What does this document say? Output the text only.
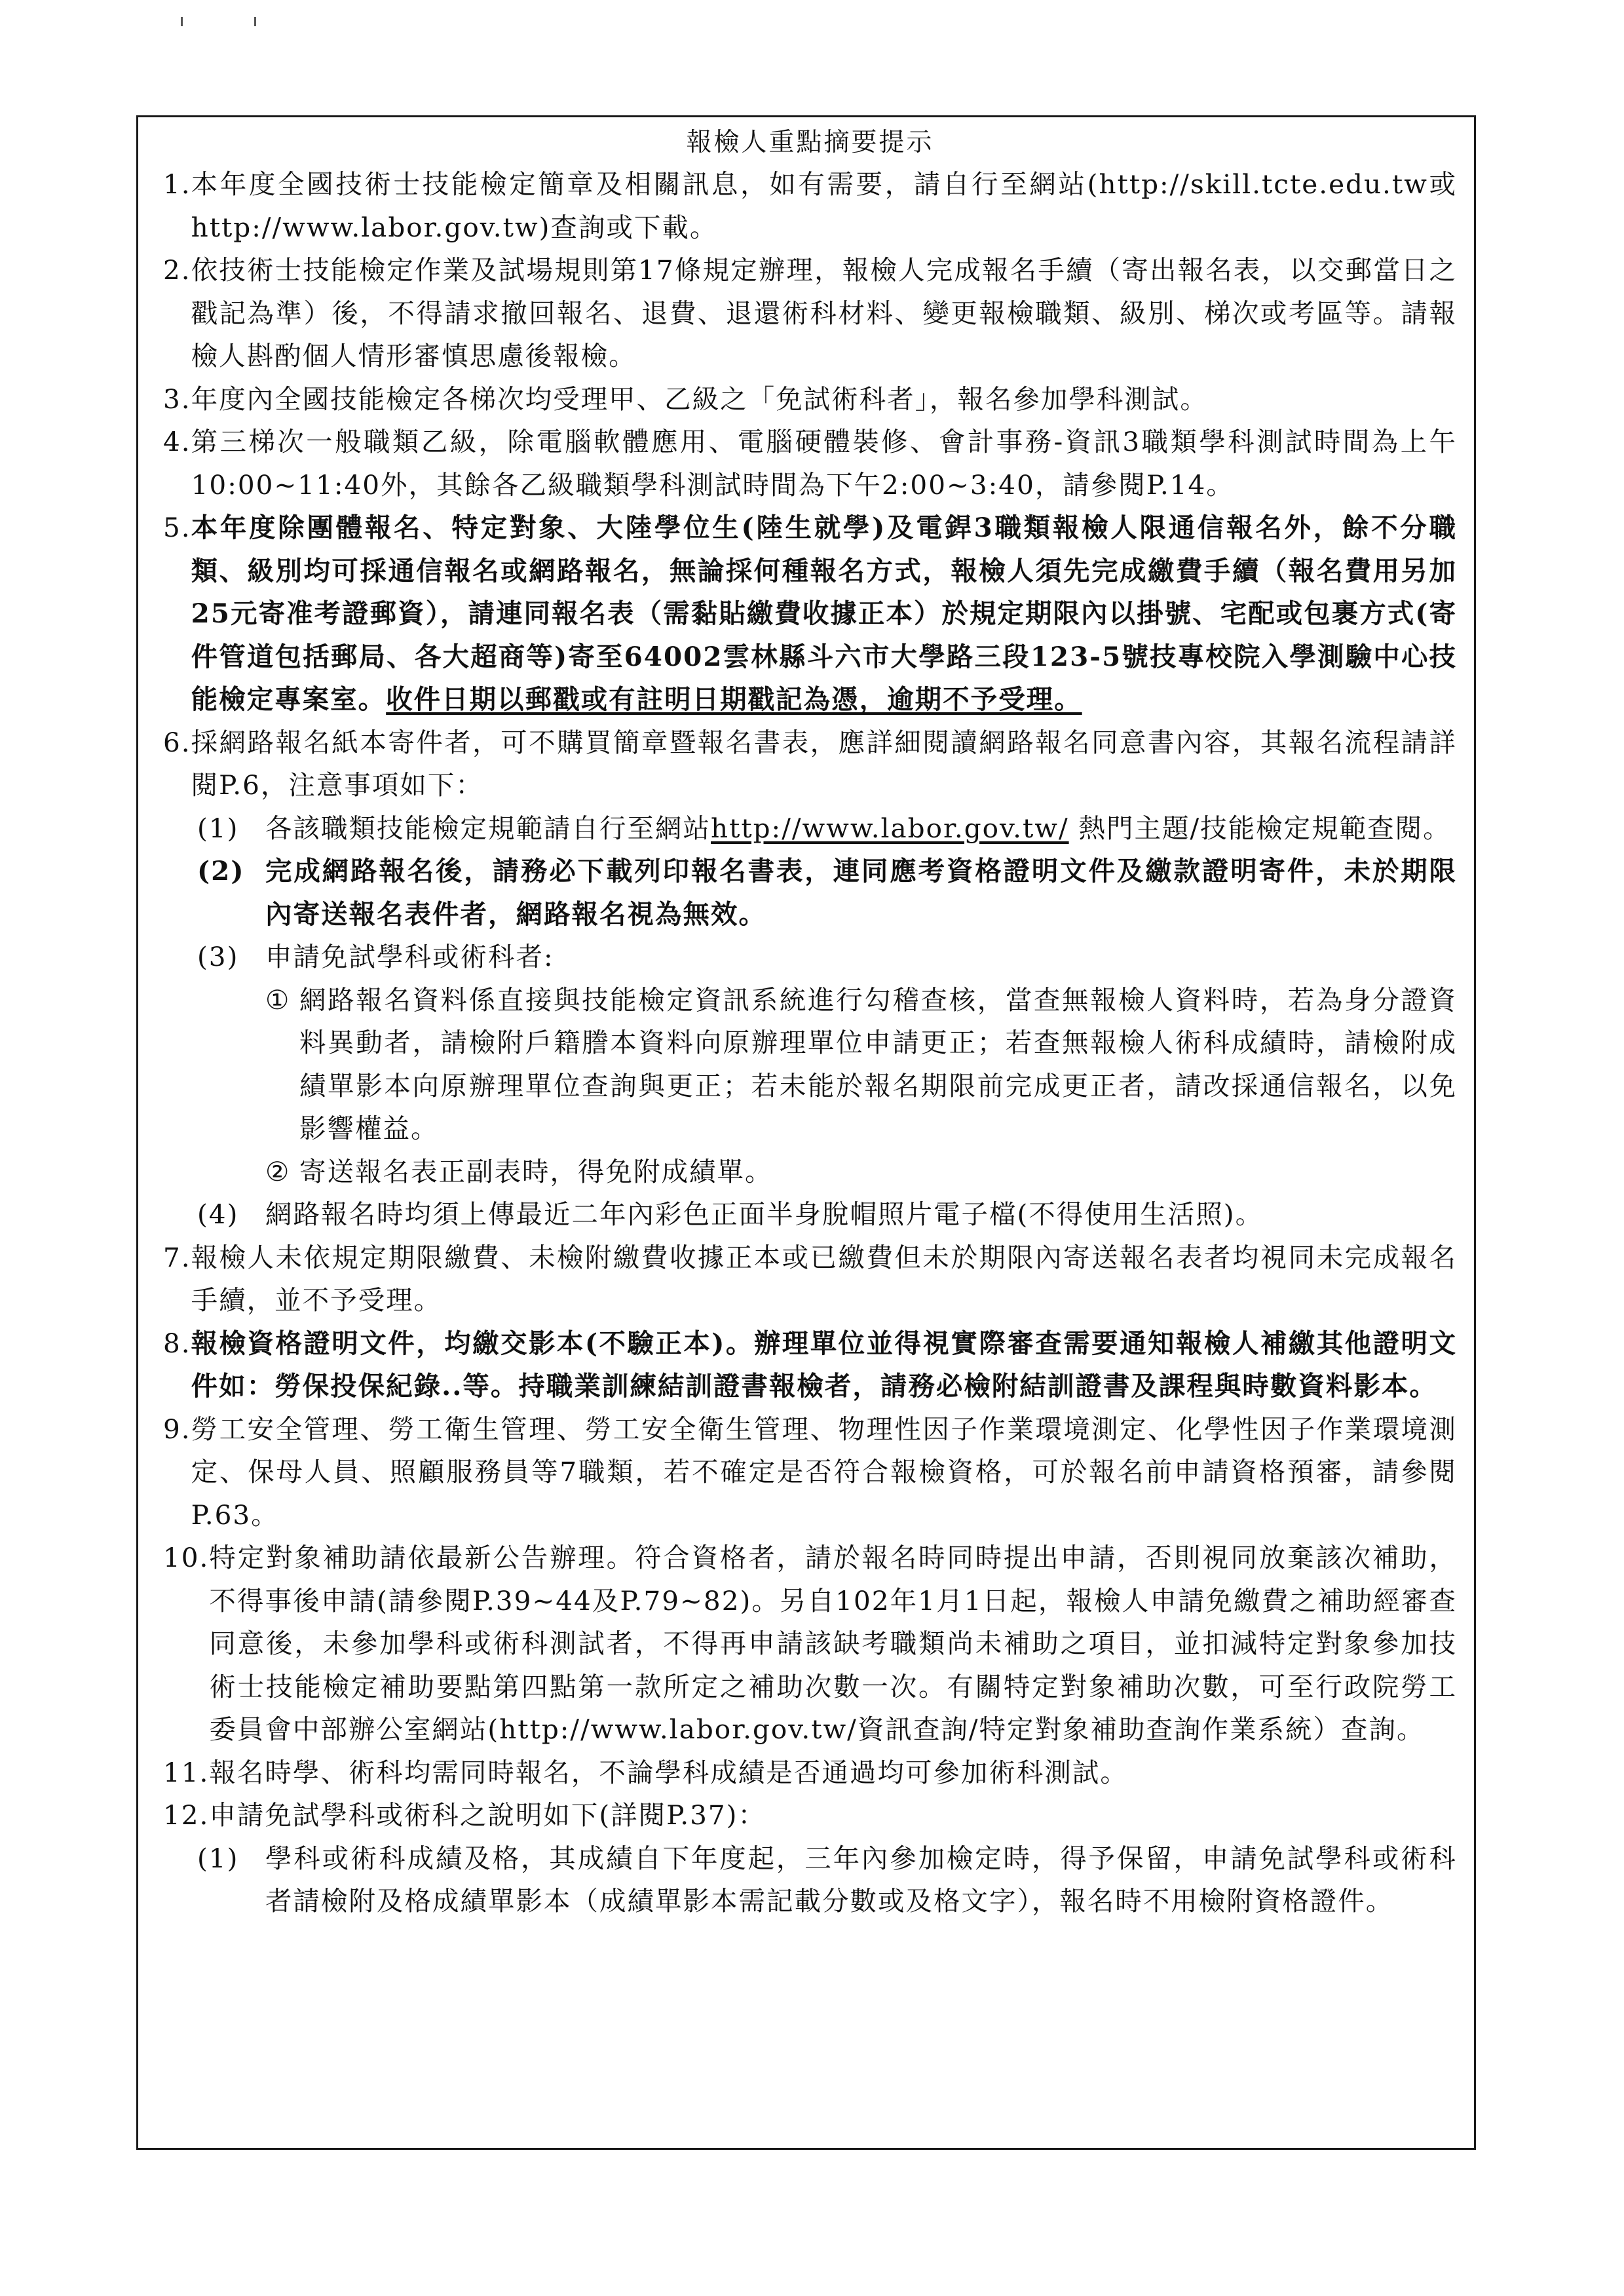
報檢人重點摘要提示
1. 本年度全國技術士技能檢定簡章及相關訊息，如有需要，請自行至網站(http://skill.tcte.edu.tw或http://www.labor.gov.tw)查詢或下載。
2. 依技術士技能檢定作業及試場規則第17條規定辦理，報檢人完成報名手續（寄出報名表，以交郵當日之戳記為準）後，不得請求撤回報名、退費、退還術科材料、變更報檢職類、級別、梯次或考區等。請報檢人斟酌個人情形審慎思慮後報檢。
3. 年度內全國技能檢定各梯次均受理甲、乙級之「免試術科者」，報名參加學科測試。
4. 第三梯次一般職類乙級，除電腦軟體應用、電腦硬體裝修、會計事務-資訊3職類學科測試時間為上午10:00~11:40外，其餘各乙級職類學科測試時間為下午2:00~3:40，請參閱P.14。
5. 本年度除團體報名、特定對象、大陸學位生(陸生就學)及電銲3職類報檢人限通信報名外，餘不分職類、級別均可採通信報名或網路報名，無論採何種報名方式，報檢人須先完成繳費手續（報名費用另加25元寄准考證郵資），請連同報名表（需黏貼繳費收據正本）於規定期限內以掛號、宅配或包裹方式(寄件管道包括郵局、各大超商等)寄至64002雲林縣斗六市大學路三段123-5號技專校院入學測驗中心技能檢定專案室。收件日期以郵戳或有註明日期戳記為憑，逾期不予受理。
6. 採網路報名紙本寄件者，可不購買簡章暨報名書表，應詳細閱讀網路報名同意書內容，其報名流程請詳閱P.6，注意事項如下：
(1)	各該職類技能檢定規範請自行至網站http://www.labor.gov.tw/ 熱門主題/技能檢定規範查閱。
(2) 完成網路報名後，請務必下載列印報名書表，連同應考資格證明文件及繳款證明寄件，未於期限內寄送報名表件者，網路報名視為無效。
(3)	申請免試學科或術科者:
① 網路報名資料係直接與技能檢定資訊系統進行勾稽查核，當查無報檢人資料時，若為身分證資料異動者，請檢附戶籍謄本資料向原辦理單位申請更正；若查無報檢人術科成績時，請檢附成績單影本向原辦理單位查詢與更正；若未能於報名期限前完成更正者，請改採通信報名，以免影響權益。
② 寄送報名表正副表時，得免附成績單。
(4)	網路報名時均須上傳最近二年內彩色正面半身脫帽照片電子檔(不得使用生活照)。
7. 報檢人未依規定期限繳費、未檢附繳費收據正本或已繳費但未於期限內寄送報名表者均視同未完成報名手續，並不予受理。
8. 報檢資格證明文件，均繳交影本(不驗正本)。辦理單位並得視實際審查需要通知報檢人補繳其他證明文件如：勞保投保紀錄..等。持職業訓練結訓證書報檢者，請務必檢附結訓證書及課程與時數資料影本。
9. 勞工安全管理、勞工衛生管理、勞工安全衛生管理、物理性因子作業環境測定、化學性因子作業環境測定、保母人員、照顧服務員等7職類，若不確定是否符合報檢資格，可於報名前申請資格預審，請參閱P.63。
10. 特定對象補助請依最新公告辦理。符合資格者，請於報名時同時提出申請，否則視同放棄該次補助，不得事後申請(請參閱P.39~44及P.79~82)。另自102年1月1日起，報檢人申請免繳費之補助經審查同意後，未參加學科或術科測試者，不得再申請該缺考職類尚未補助之項目，並扣減特定對象參加技術士技能檢定補助要點第四點第一款所定之補助次數一次。有關特定對象補助次數，可至行政院勞工委員會中部辦公室網站(http://www.labor.gov.tw/資訊查詢/特定對象補助查詢作業系統）查詢。
11. 報名時學、術科均需同時報名，不論學科成績是否通過均可參加術科測試。
12. 申請免試學科或術科之說明如下(詳閱P.37)：
(1)	學科或術科成績及格，其成績自下年度起，三年內參加檢定時，得予保留，申請免試學科或術科者請檢附及格成績單影本（成績單影本需記載分數或及格文字），報名時不用檢附資格證件。
